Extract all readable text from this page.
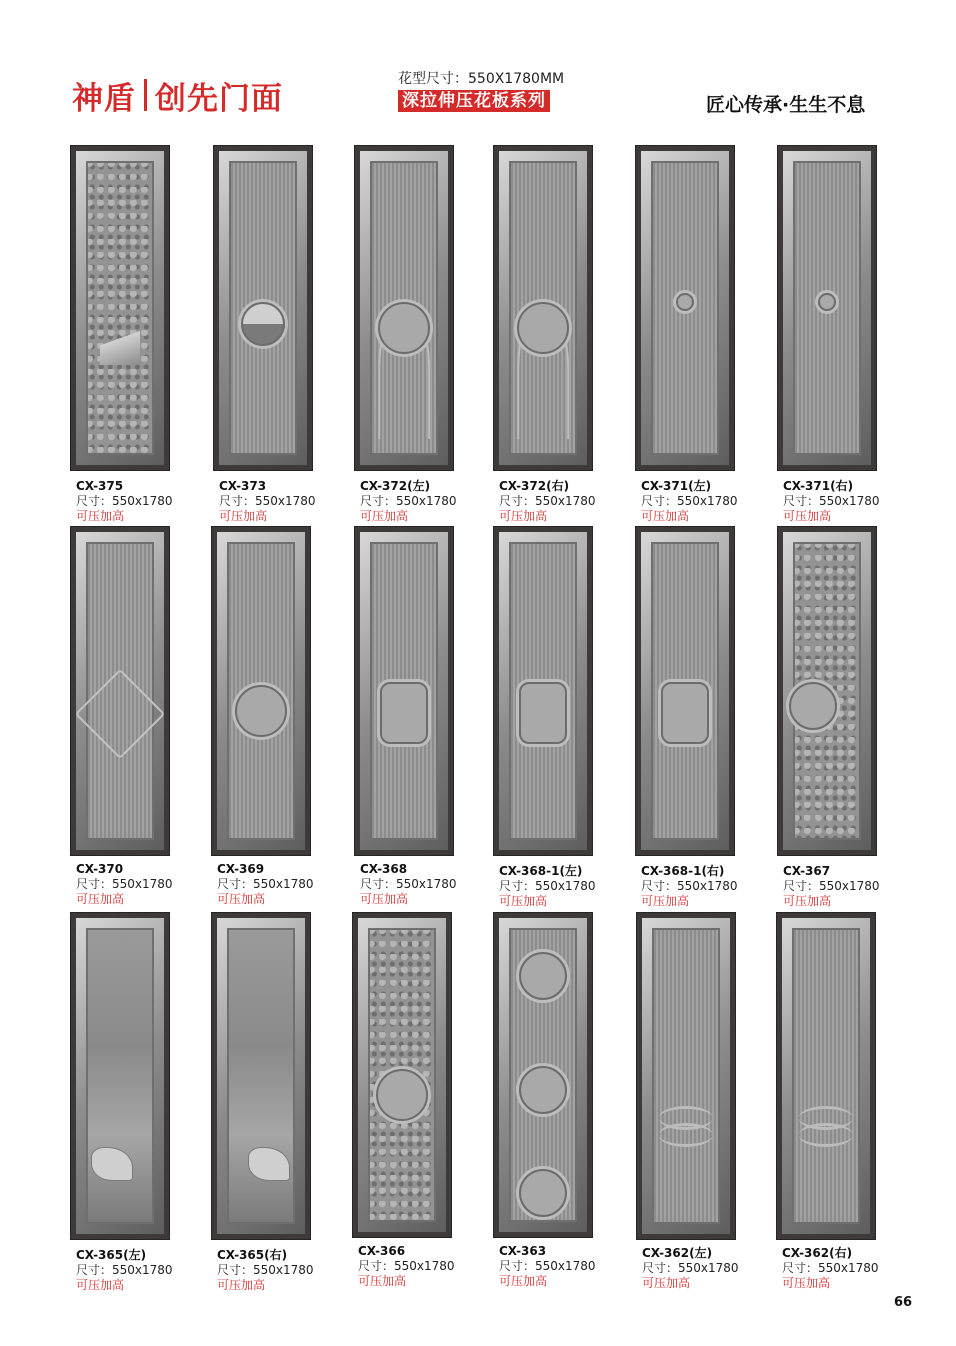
神盾 创先门面
花型尺寸：550X1780MM
深拉伸压花板系列	匠心传承·生生不息
CX-375
尺寸：550x1780
可压加高
CX-373
尺寸：550x1780
可压加高
CX-372(左)
尺寸：550x1780
可压加高
CX-372(右)
尺寸：550x1780
可压加高
CX-371(左)
尺寸：550x1780
可压加高
CX-371(右)
尺寸：550x1780
可压加高
CX-370
尺寸：550x1780
可压加高
CX-369
尺寸：550x1780
可压加高
CX-368
尺寸：550x1780
可压加高
CX-368-1(左)
尺寸：550x1780
可压加高
CX-368-1(右)
尺寸：550x1780
可压加高
CX-367
尺寸：550x1780
可压加高
CX-365(左)
尺寸：550x1780
可压加高
CX-365(右)
尺寸：550x1780
可压加高
CX-366
尺寸：550x1780
可压加高
CX-363
尺寸：550x1780
可压加高
CX-362(左)
尺寸：550x1780
可压加高
CX-362(右)
尺寸：550x1780
可压加高
66
